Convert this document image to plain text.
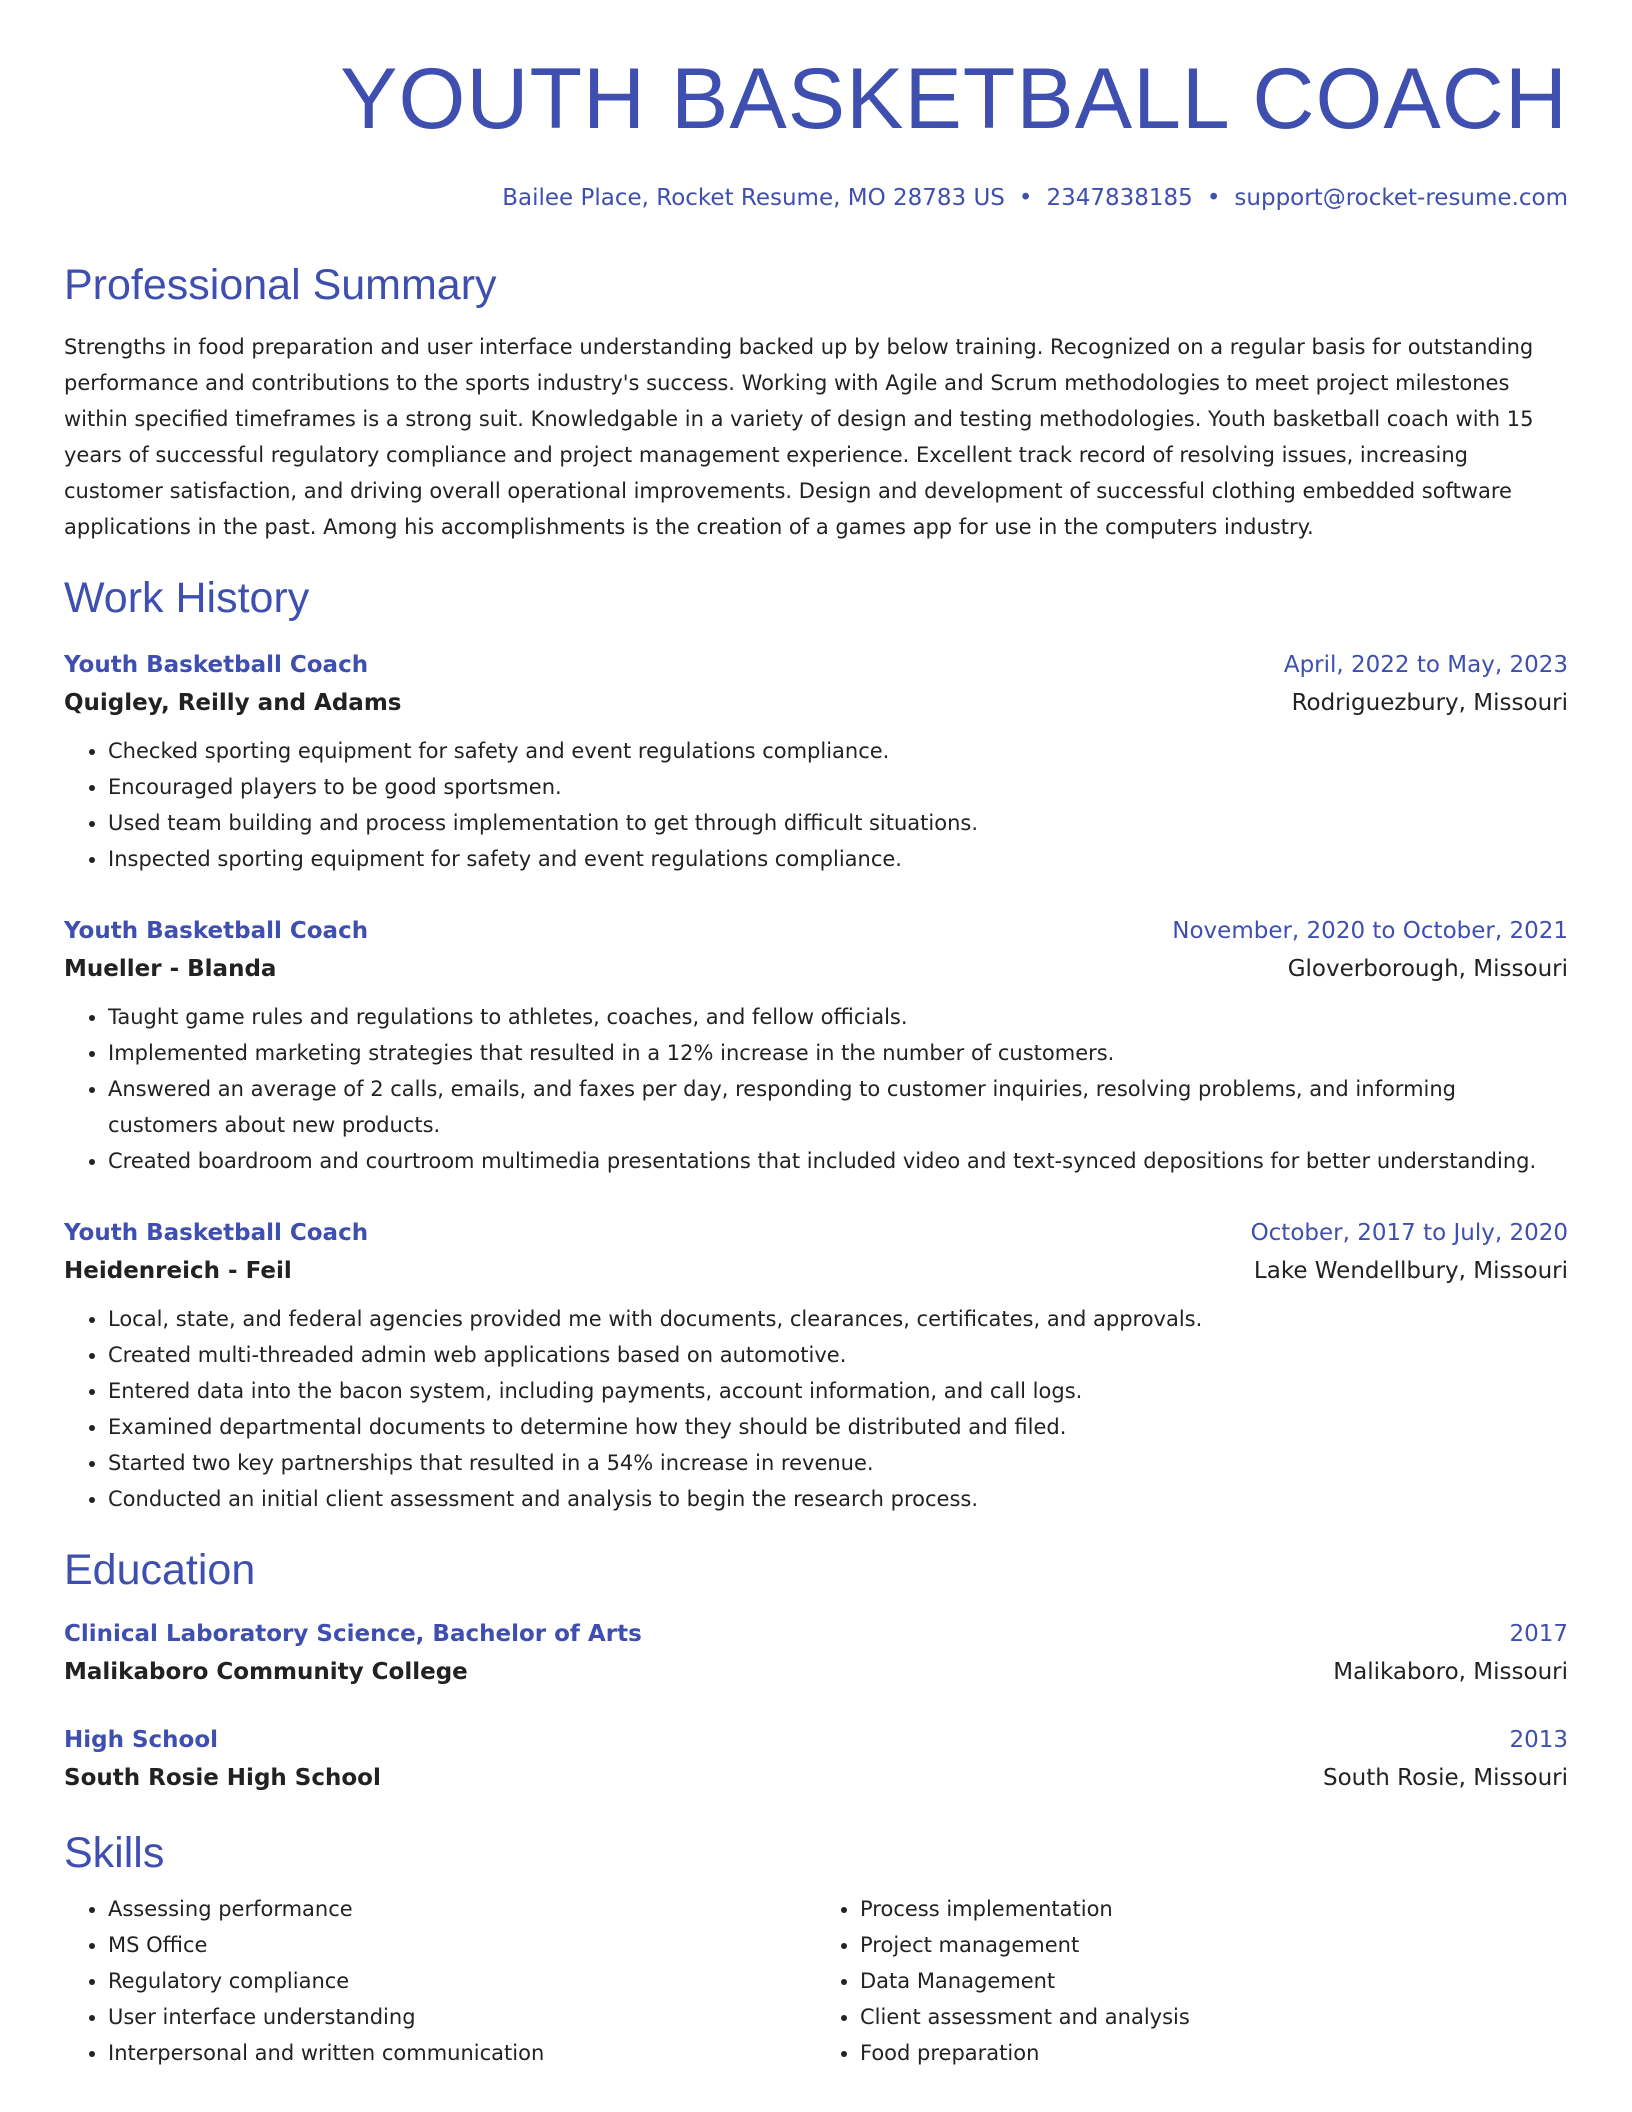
YOUTH BASKETBALL COACH
Bailee Place, Rocket Resume, MO 28783 US • 2347838185 • support@rocket-resume.com
Professional Summary
Strengths in food preparation and user interface understanding backed up by below training. Recognized on a regular basis for outstanding performance and contributions to the sports industry's success. Working with Agile and Scrum methodologies to meet project milestones within specified timeframes is a strong suit. Knowledgable in a variety of design and testing methodologies. Youth basketball coach with 15 years of successful regulatory compliance and project management experience. Excellent track record of resolving issues, increasing customer satisfaction, and driving overall operational improvements. Design and development of successful clothing embedded software applications in the past. Among his accomplishments is the creation of a games app for use in the computers industry.
Work History
Youth Basketball Coach	April, 2022 to May, 2023
Quigley, Reilly and Adams	Rodriguezbury, Missouri
• Checked sporting equipment for safety and event regulations compliance.
• Encouraged players to be good sportsmen.
• Used team building and process implementation to get through difficult situations.
• Inspected sporting equipment for safety and event regulations compliance.
Youth Basketball Coach	November, 2020 to October, 2021
Mueller - Blanda	Gloverborough, Missouri
• Taught game rules and regulations to athletes, coaches, and fellow officials.
• Implemented marketing strategies that resulted in a 12% increase in the number of customers.
• Answered an average of 2 calls, emails, and faxes per day, responding to customer inquiries, resolving problems, and informing customers about new products.
• Created boardroom and courtroom multimedia presentations that included video and text-synced depositions for better understanding.
Youth Basketball Coach	October, 2017 to July, 2020
Heidenreich - Feil	Lake Wendellbury, Missouri
• Local, state, and federal agencies provided me with documents, clearances, certificates, and approvals.
• Created multi-threaded admin web applications based on automotive.
• Entered data into the bacon system, including payments, account information, and call logs.
• Examined departmental documents to determine how they should be distributed and filed.
• Started two key partnerships that resulted in a 54% increase in revenue.
• Conducted an initial client assessment and analysis to begin the research process.
Education
Clinical Laboratory Science, Bachelor of Arts	2017
Malikaboro Community College	Malikaboro, Missouri
High School	2013
South Rosie High School	South Rosie, Missouri
Skills
• Assessing performance
• MS Office
• Regulatory compliance
• User interface understanding
• Interpersonal and written communication
• Process implementation
• Project management
• Data Management
• Client assessment and analysis
• Food preparation
